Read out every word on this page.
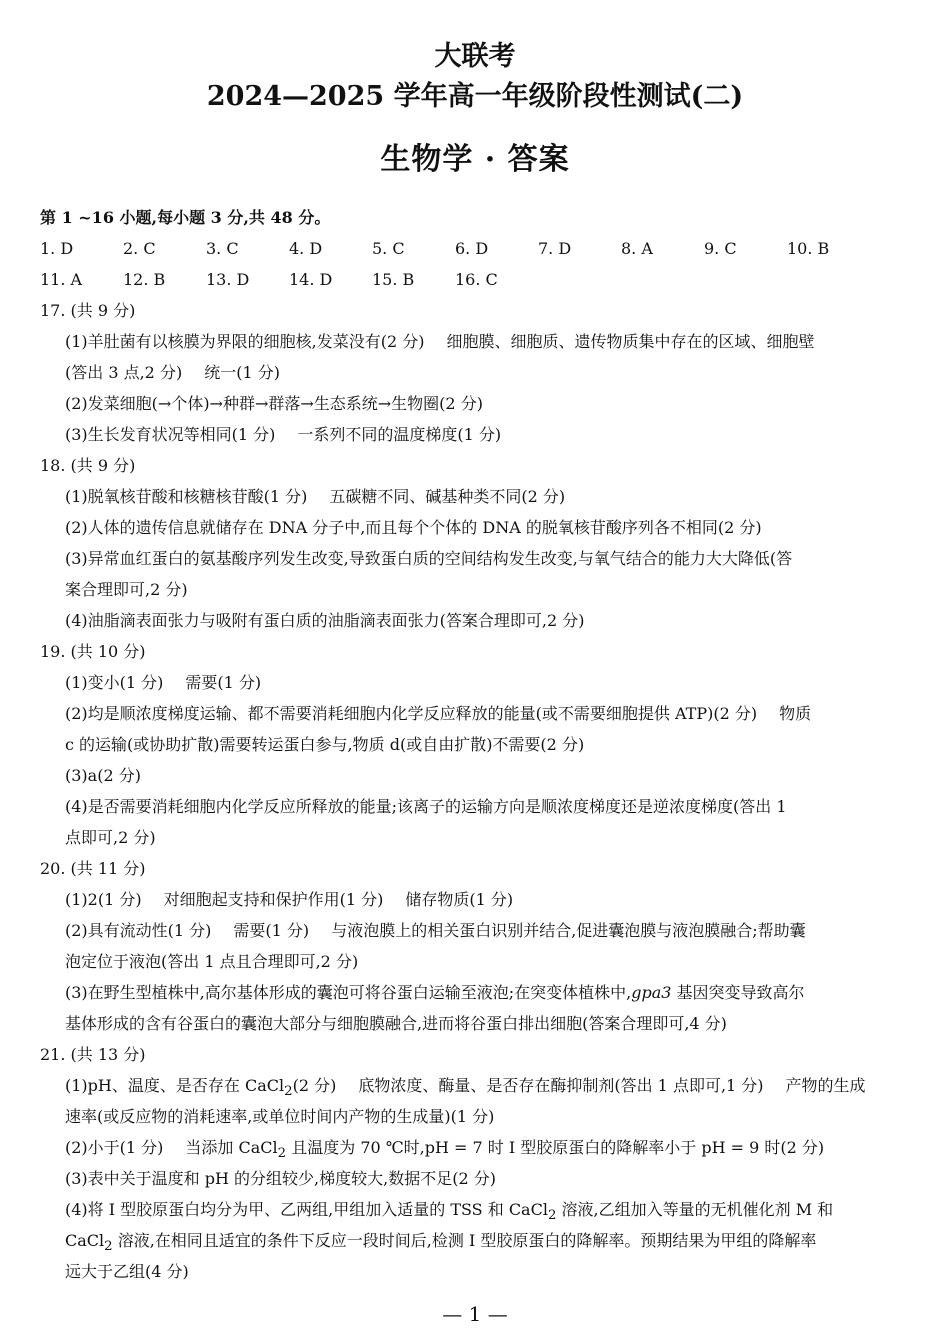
大联考
2024—2025 学年高一年级阶段性测试(二)
生物学 · 答案
第 1 ~16 小题,每小题 3 分,共 48 分。
1. D	2. C	3. C	4. D	5. C	6. D	7. D	8. A	9. C	10. B
11. A	12. B	13. D	14. D	15. B	16. C
17. (共 9 分)
(1)羊肚菌有以核膜为界限的细胞核,发菜没有(2 分) 细胞膜、细胞质、遗传物质集中存在的区域、细胞壁
(答出 3 点,2 分) 统一(1 分)
(2)发菜细胞(→个体)→种群→群落→生态系统→生物圈(2 分)
(3)生长发育状况等相同(1 分) 一系列不同的温度梯度(1 分)
18. (共 9 分)
(1)脱氧核苷酸和核糖核苷酸(1 分) 五碳糖不同、碱基种类不同(2 分)
(2)人体的遗传信息就储存在 DNA 分子中,而且每个个体的 DNA 的脱氧核苷酸序列各不相同(2 分)
(3)异常血红蛋白的氨基酸序列发生改变,导致蛋白质的空间结构发生改变,与氧气结合的能力大大降低(答
案合理即可,2 分)
(4)油脂滴表面张力与吸附有蛋白质的油脂滴表面张力(答案合理即可,2 分)
19. (共 10 分)
(1)变小(1 分) 需要(1 分)
(2)均是顺浓度梯度运输、都不需要消耗细胞内化学反应释放的能量(或不需要细胞提供 ATP)(2 分) 物质
c 的运输(或协助扩散)需要转运蛋白参与,物质 d(或自由扩散)不需要(2 分)
(3)a(2 分)
(4)是否需要消耗细胞内化学反应所释放的能量;该离子的运输方向是顺浓度梯度还是逆浓度梯度(答出 1
点即可,2 分)
20. (共 11 分)
(1)2(1 分) 对细胞起支持和保护作用(1 分) 储存物质(1 分)
(2)具有流动性(1 分) 需要(1 分) 与液泡膜上的相关蛋白识别并结合,促进囊泡膜与液泡膜融合;帮助囊
泡定位于液泡(答出 1 点且合理即可,2 分)
(3)在野生型植株中,高尔基体形成的囊泡可将谷蛋白运输至液泡;在突变体植株中,gpa3 基因突变导致高尔
基体形成的含有谷蛋白的囊泡大部分与细胞膜融合,进而将谷蛋白排出细胞(答案合理即可,4 分)
21. (共 13 分)
(1)pH、温度、是否存在 CaCl$_2$(2 分) 底物浓度、酶量、是否存在酶抑制剂(答出 1 点即可,1 分) 产物的生成
速率(或反应物的消耗速率,或单位时间内产物的生成量)(1 分)
(2)小于(1 分) 当添加 CaCl$_2$ 且温度为 70 ℃时,pH = 7 时 Ⅰ 型胶原蛋白的降解率小于 pH = 9 时(2 分)
(3)表中关于温度和 pH 的分组较少,梯度较大,数据不足(2 分)
(4)将 Ⅰ 型胶原蛋白均分为甲、乙两组,甲组加入适量的 TSS 和 CaCl$_2$ 溶液,乙组加入等量的无机催化剂 M 和
CaCl$_2$ 溶液,在相同且适宜的条件下反应一段时间后,检测 Ⅰ 型胶原蛋白的降解率。预期结果为甲组的降解率
远大于乙组(4 分)
— 1 —
